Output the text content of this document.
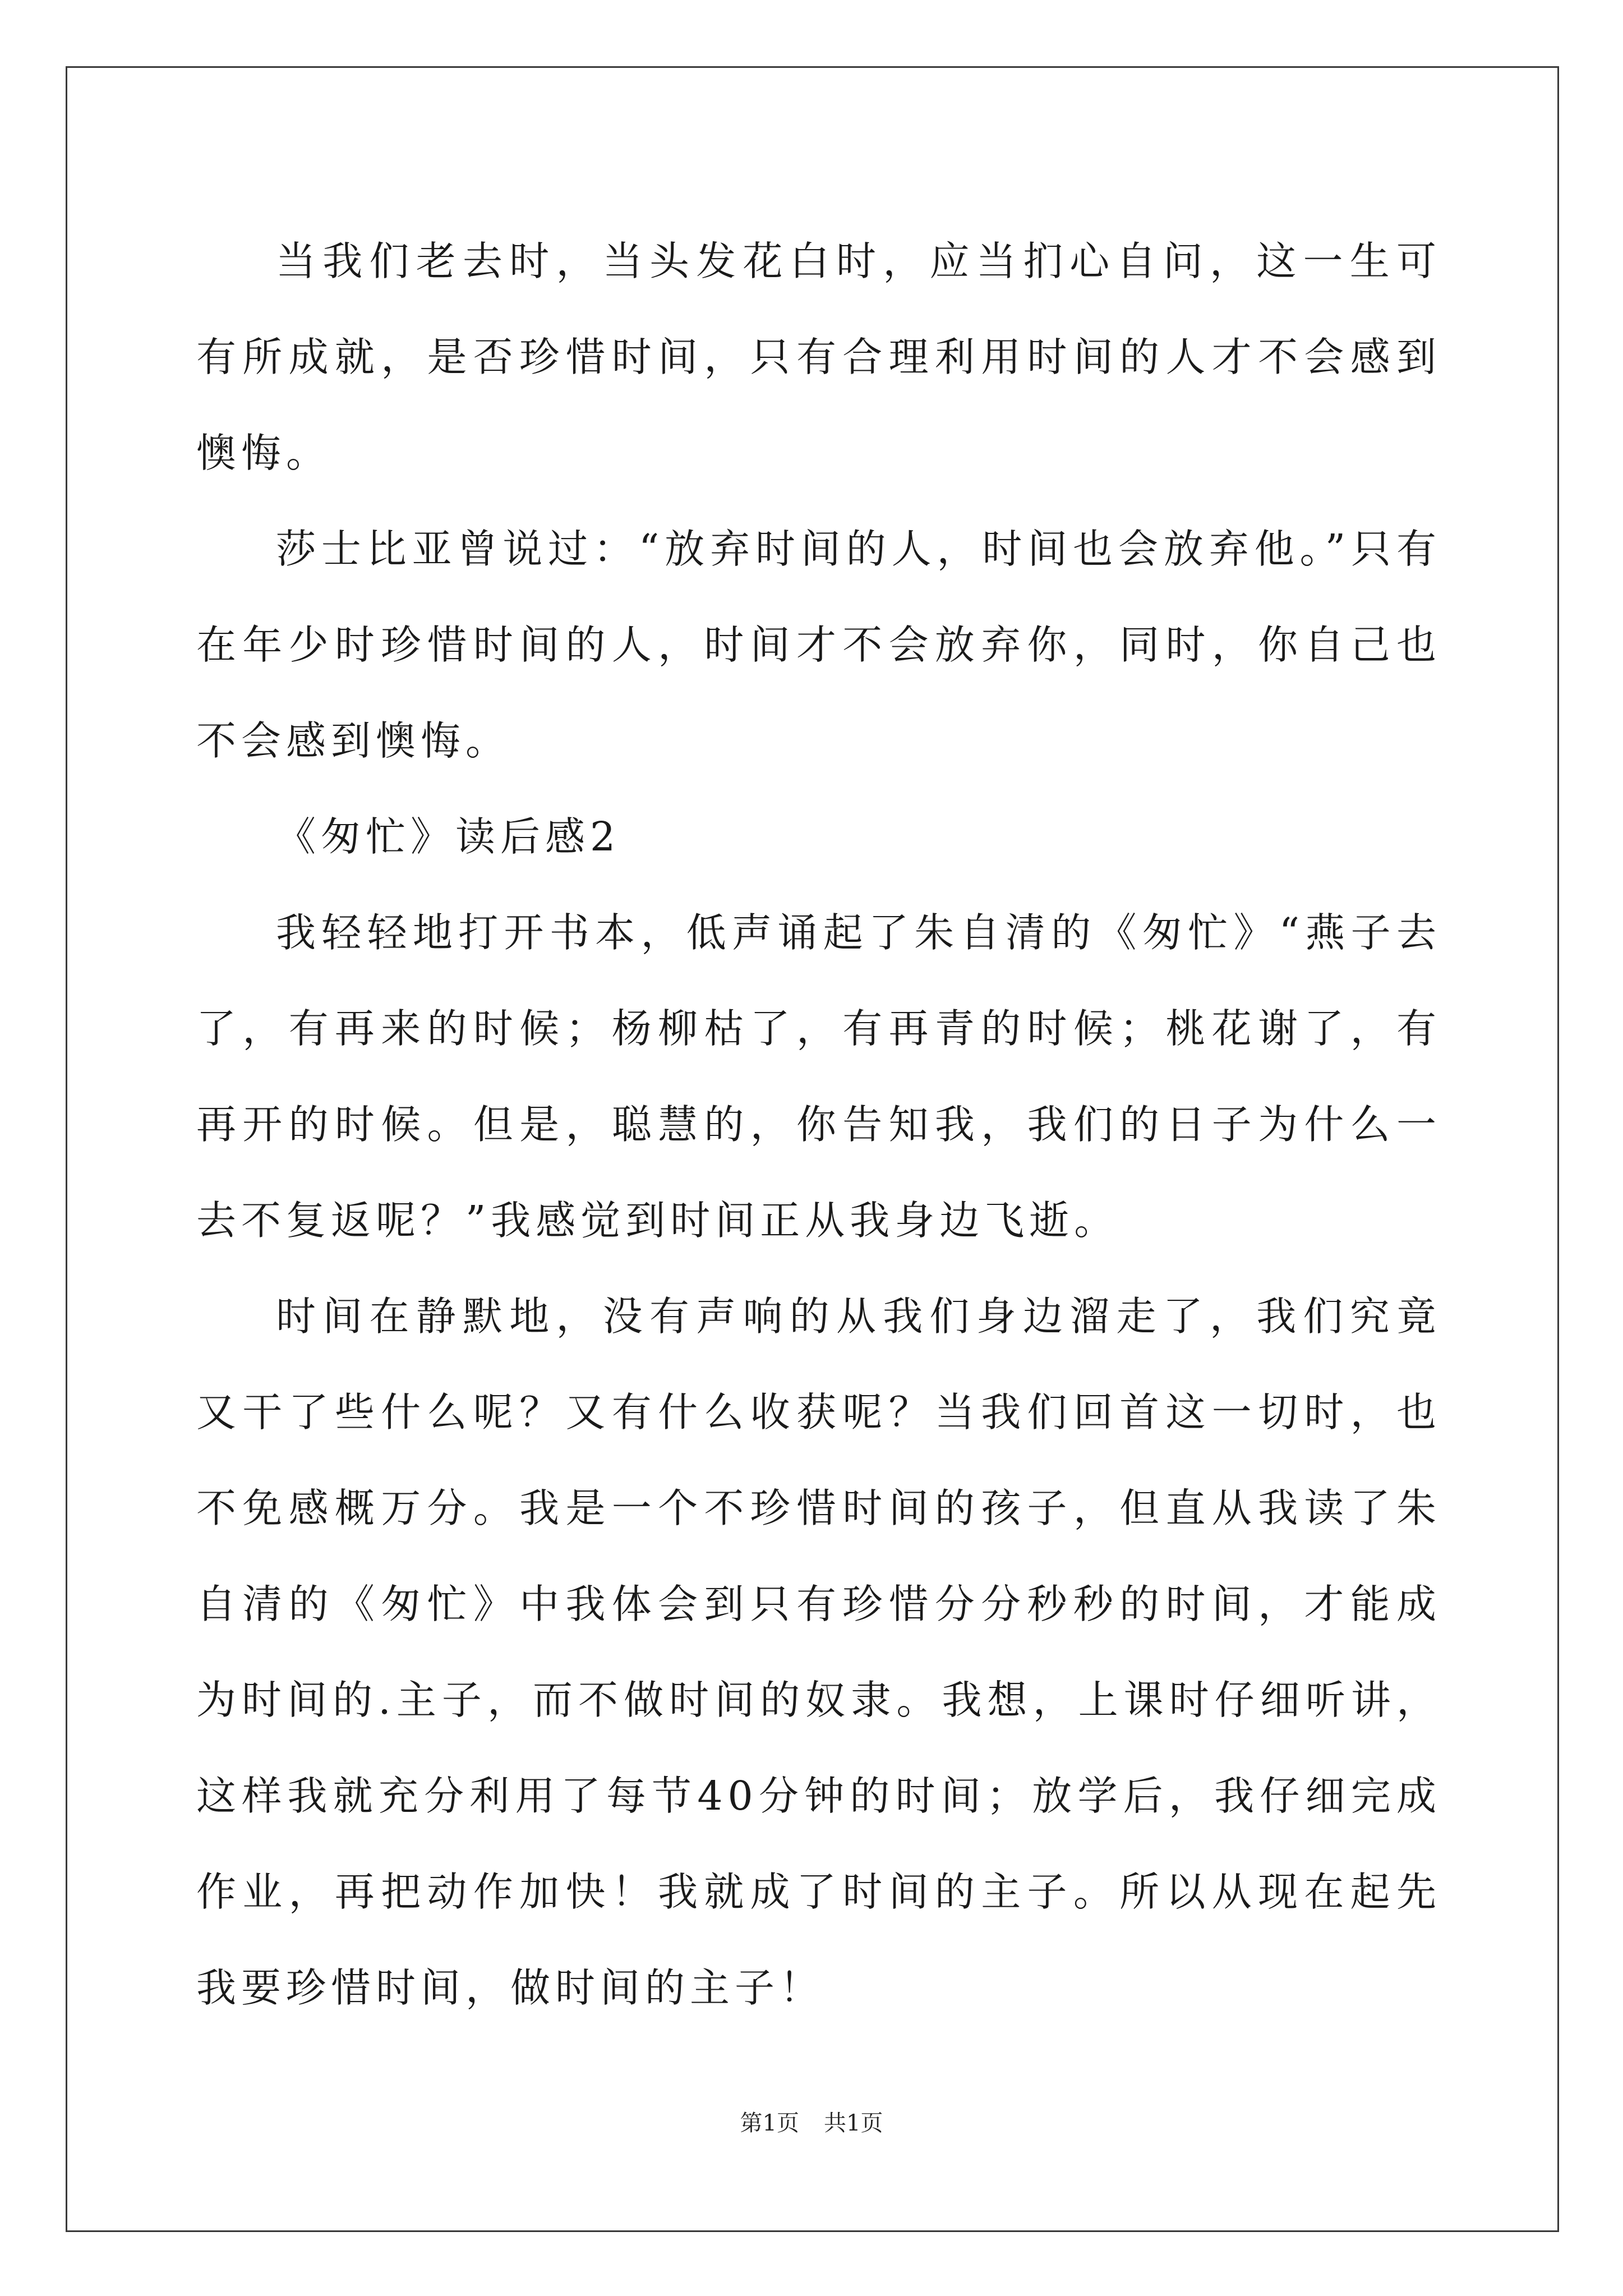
当我们老去时，当头发花白时，应当扪心自问，这一生可有所成就，是否珍惜时间，只有合理利用时间的人才不会感到懊悔。

莎士比亚曾说过：“放弃时间的人，时间也会放弃他。”只有在年少时珍惜时间的人，时间才不会放弃你，同时，你自己也不会感到懊悔。

《匆忙》读后感2

我轻轻地打开书本，低声诵起了朱自清的《匆忙》“燕子去了，有再来的时候；杨柳枯了，有再青的时候；桃花谢了，有再开的时候。但是，聪慧的，你告知我，我们的日子为什么一去不复返呢？”我感觉到时间正从我身边飞逝。

时间在静默地，没有声响的从我们身边溜走了，我们究竟又干了些什么呢？又有什么收获呢？当我们回首这一切时，也不免感概万分。我是一个不珍惜时间的孩子，但直从我读了朱自清的《匆忙》中我体会到只有珍惜分分秒秒的时间，才能成为时间的.主子，而不做时间的奴隶。我想，上课时仔细听讲，这样我就充分利用了每节40分钟的时间；放学后，我仔细完成作业，再把动作加快！我就成了时间的主子。所以从现在起先我要珍惜时间，做时间的主子！

第1页 共1页
